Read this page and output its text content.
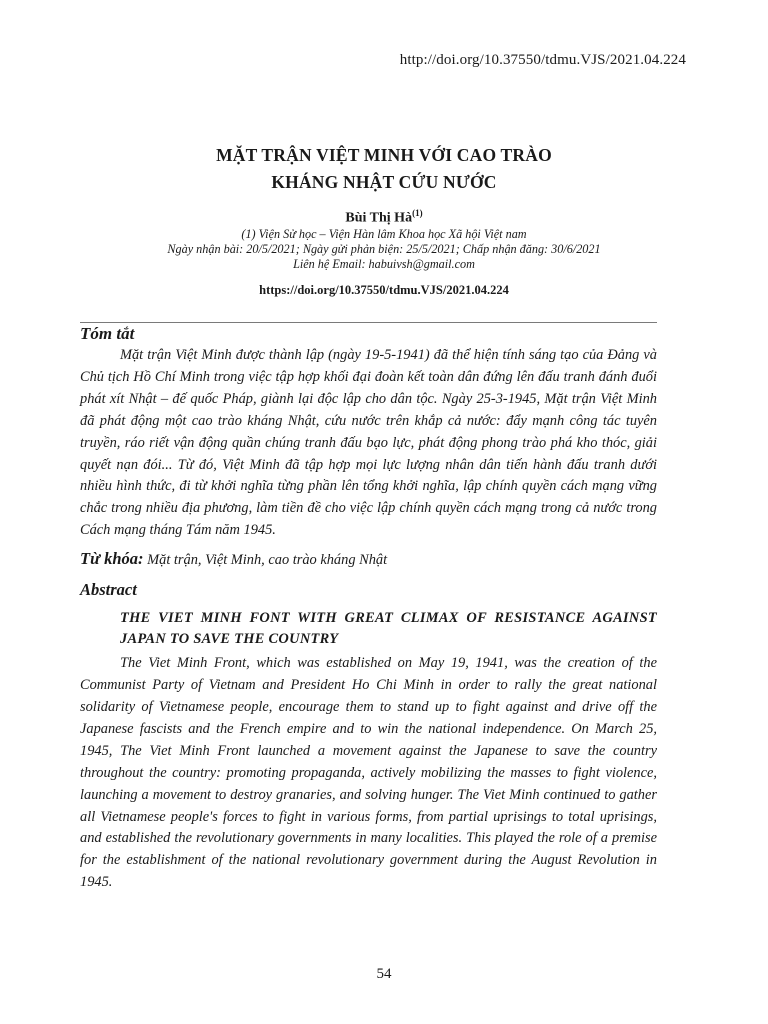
http://doi.org/10.37550/tdmu.VJS/2021.04.224
MẶT TRẬN VIỆT MINH VỚI CAO TRÀO
KHÁNG NHẬT CỨU NƯỚC
Bùi Thị $Hà^{(1)}$
(1) Viện Sử học – Viện Hàn lâm Khoa học Xã hội Việt nam
Ngày nhận bài: 20/5/2021; Ngày gửi phản biện: 25/5/2021; Chấp nhận đăng: 30/6/2021
Liên hệ Email: habuivsh@gmail.com
https://doi.org/10.37550/tdmu.VJS/2021.04.224
Tóm tắt

Mặt trận Việt Minh được thành lập (ngày 19-5-1941) đã thể hiện tính sáng tạo của Đảng và Chủ tịch Hồ Chí Minh trong việc tập hợp khối đại đoàn kết toàn dân đứng lên đấu tranh đánh đuổi phát xít Nhật – đế quốc Pháp, giành lại độc lập cho dân tộc. Ngày 25-3-1945, Mặt trận Việt Minh đã phát động một cao trào kháng Nhật, cứu nước trên khắp cả nước: đẩy mạnh công tác tuyên truyền, ráo riết vận động quần chúng tranh đấu bạo lực, phát động phong trào phá kho thóc, giải quyết nạn đói... Từ đó, Việt Minh đã tập hợp mọi lực lượng nhân dân tiến hành đấu tranh dưới nhiều hình thức, đi từ khởi nghĩa từng phần lên tổng khởi nghĩa, lập chính quyền cách mạng vững chắc trong nhiều địa phương, làm tiền đề cho việc lập chính quyền cách mạng trong cả nước trong Cách mạng tháng Tám năm 1945.

Từ khóa: Mặt trận, Việt Minh, cao trào kháng Nhật
Abstract
THE VIET MINH FONT WITH GREAT CLIMAX OF RESISTANCE AGAINST JAPAN TO SAVE THE COUNTRY

The Viet Minh Front, which was established on May 19, 1941, was the creation of the Communist Party of Vietnam and President Ho Chi Minh in order to rally the great national solidarity of Vietnamese people, encourage them to stand up to fight against and drive off the Japanese fascists and the French empire and to win the national independence. On March 25, 1945, The Viet Minh Front launched a movement against the Japanese to save the country throughout the country: promoting propaganda, actively mobilizing the masses to fight violence, launching a movement to destroy granaries, and solving hunger. The Viet Minh continued to gather all Vietnamese people's forces to fight in various forms, from partial uprisings to total uprisings, and established the revolutionary governments in many localities. This played the role of a premise for the establishment of the national revolutionary government during the August Revolution in 1945.

54
